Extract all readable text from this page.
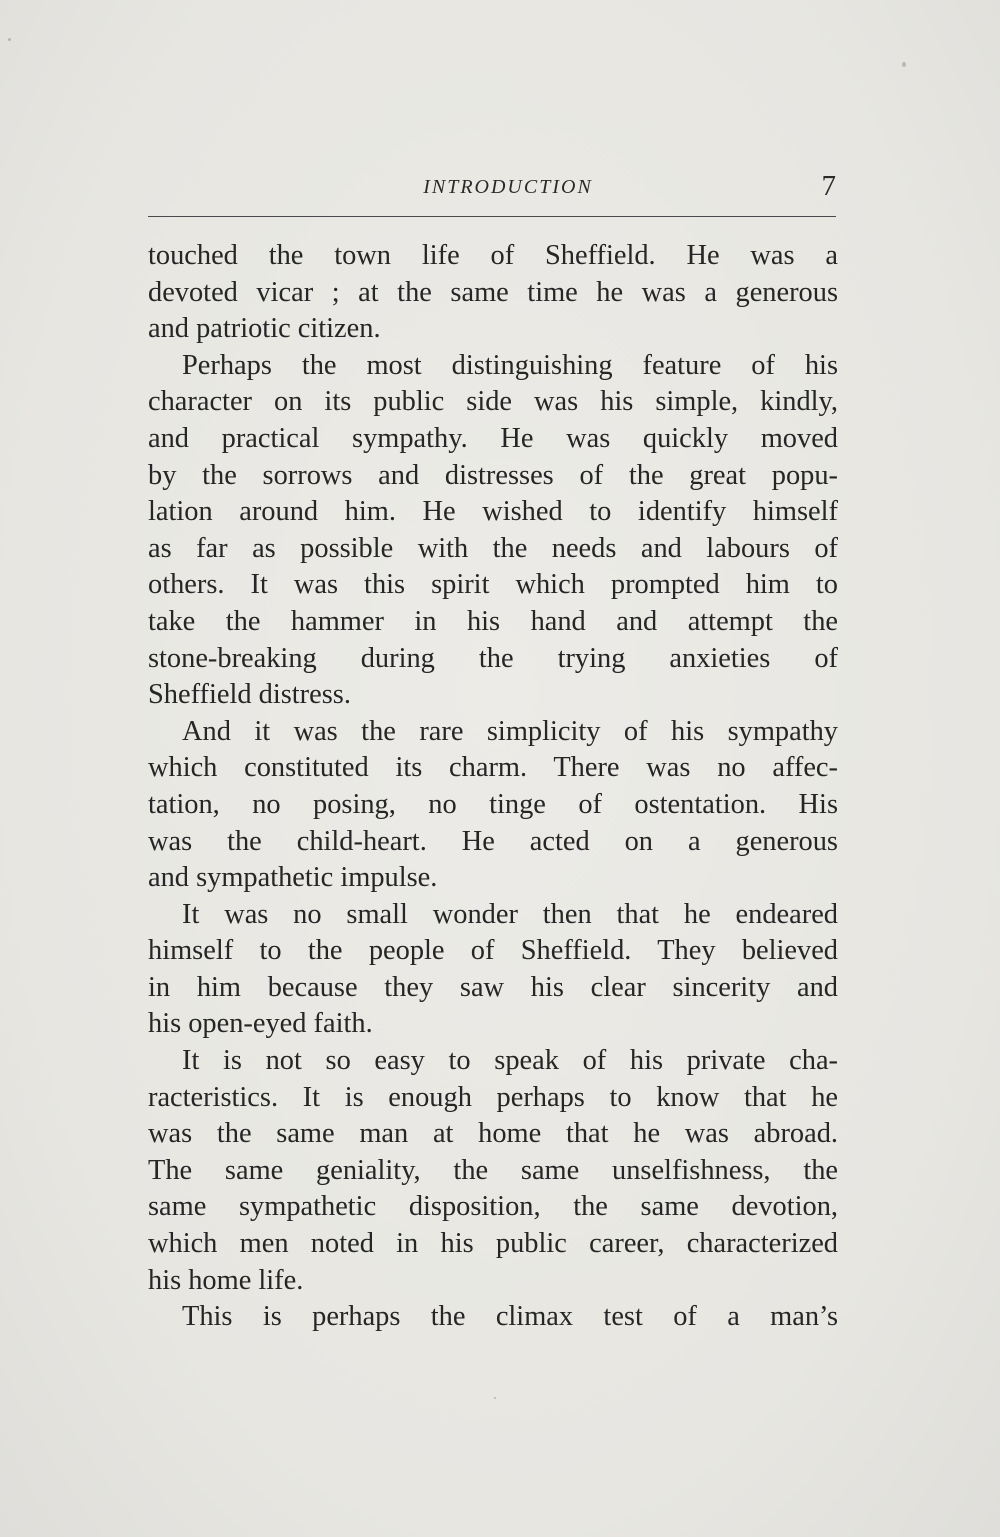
INTRODUCTION	7
touched the town life of Sheffield. He was a
devoted vicar ; at the same time he was a generous
and patriotic citizen.
Perhaps the most distinguishing feature of his
character on its public side was his simple, kindly,
and practical sympathy. He was quickly moved
by the sorrows and distresses of the great popu-
lation around him. He wished to identify himself
as far as possible with the needs and labours of
others. It was this spirit which prompted him to
take the hammer in his hand and attempt the
stone-breaking during the trying anxieties of
Sheffield distress.
And it was the rare simplicity of his sympathy
which constituted its charm. There was no affec-
tation, no posing, no tinge of ostentation. His
was the child-heart. He acted on a generous
and sympathetic impulse.
It was no small wonder then that he endeared
himself to the people of Sheffield. They believed
in him because they saw his clear sincerity and
his open-eyed faith.
It is not so easy to speak of his private cha-
racteristics. It is enough perhaps to know that he
was the same man at home that he was abroad.
The same geniality, the same unselfishness, the
same sympathetic disposition, the same devotion,
which men noted in his public career, characterized
his home life.
This is perhaps the climax test of a man’s
